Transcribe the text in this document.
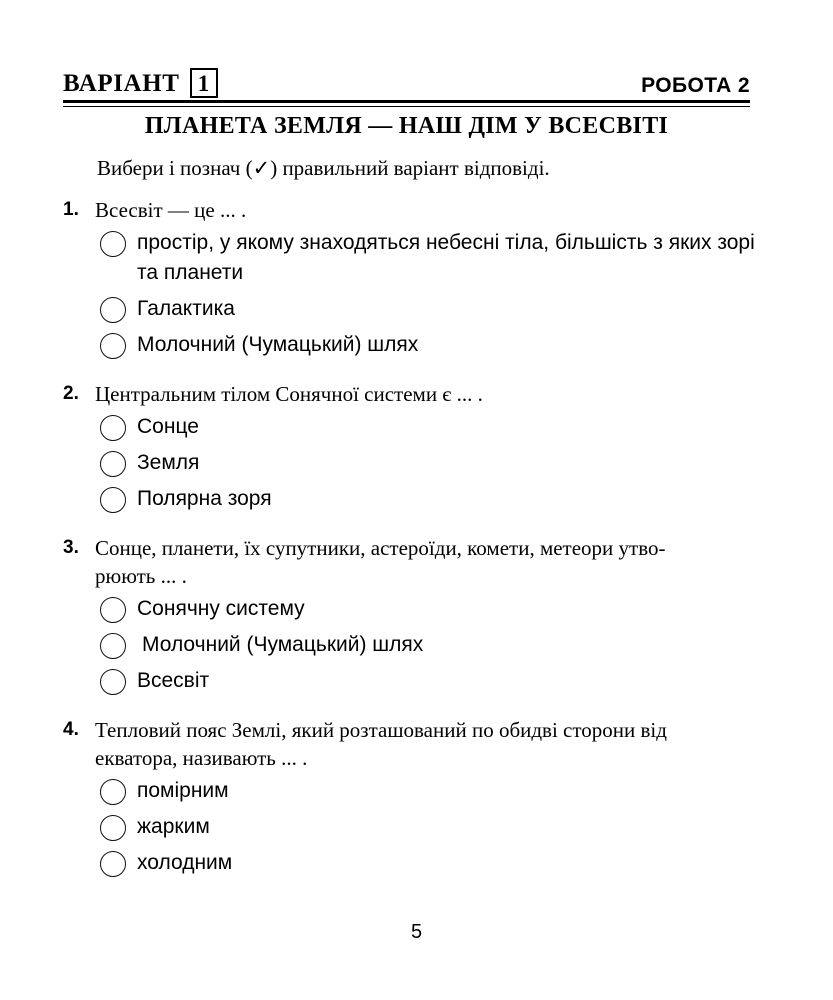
ВАРІАНТ 1	РОБОТА 2
ПЛАНЕТА ЗЕМЛЯ — НАШ ДІМ У ВСЕСВІТІ
Вибери і познач (✓) правильний варіант відповіді.
1. Всесвіт — це ... .
простір, у якому знаходяться небесні тіла, більшість з яких зорі та планети
Галактика
Молочний (Чумацький) шлях
2. Центральним тілом Сонячної системи є ... .
Сонце
Земля
Полярна зоря
3. Сонце, планети, їх супутники, астероїди, комети, метеори утво-
рюють ... .
Сонячну систему
Молочний (Чумацький) шлях
Всесвіт
4. Тепловий пояс Землі, який розташований по обидві сторони від
екватора, називають ... .
помірним
жарким
холодним
5
